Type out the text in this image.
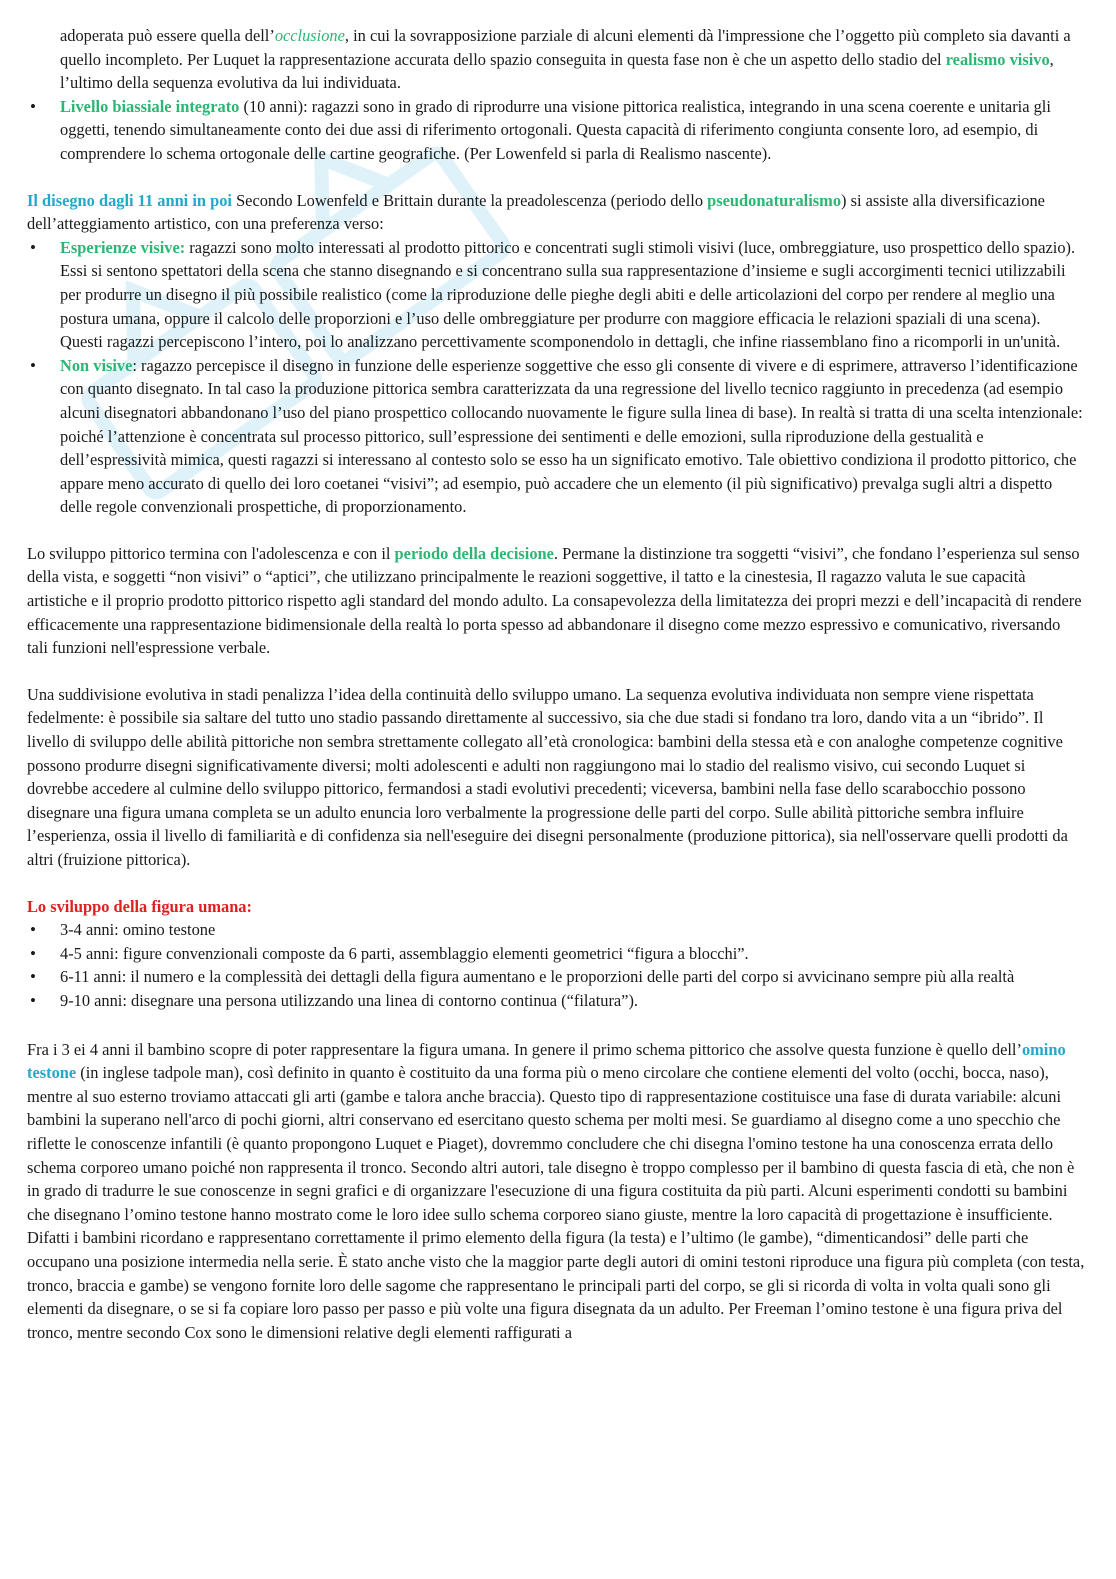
adoperata può essere quella dell’occlusione, in cui la sovrapposizione parziale di alcuni elementi dà l'impressione che l’oggetto più completo sia davanti a quello incompleto. Per Luquet la rappresentazione accurata dello spazio conseguita in questa fase non è che un aspetto dello stadio del realismo visivo, l’ultimo della sequenza evolutiva da lui individuata.

• Livello biassiale integrato (10 anni): ragazzi sono in grado di riprodurre una visione pittorica realistica, integrando in una scena coerente e unitaria gli oggetti, tenendo simultaneamente conto dei due assi di riferimento ortogonali. Questa capacità di riferimento congiunta consente loro, ad esempio, di comprendere lo schema ortogonale delle cartine geografiche. (Per Lowenfeld si parla di Realismo nascente).

Il disegno dagli 11 anni in poi Secondo Lowenfeld e Brittain durante la preadolescenza (periodo dello pseudonaturalismo) si assiste alla diversificazione dell’atteggiamento artistico, con una preferenza verso:

• Esperienze visive: ragazzi sono molto interessati al prodotto pittorico e concentrati sugli stimoli visivi (luce, ombreggiature, uso prospettico dello spazio). Essi si sentono spettatori della scena che stanno disegnando e si concentrano sulla sua rappresentazione d’insieme e sugli accorgimenti tecnici utilizzabili per produrre un disegno il più possibile realistico (come la riproduzione delle pieghe degli abiti e delle articolazioni del corpo per rendere al meglio una postura umana, oppure il calcolo delle proporzioni e l’uso delle ombreggiature per produrre con maggiore efficacia le relazioni spaziali di una scena). Questi ragazzi percepiscono l’intero, poi lo analizzano percettivamente scomponendolo in dettagli, che infine riassemblano fino a ricomporli in un'unità.
• Non visive: ragazzo percepisce il disegno in funzione delle esperienze soggettive che esso gli consente di vivere e di esprimere, attraverso l’identificazione con quanto disegnato. In tal caso la produzione pittorica sembra caratterizzata da una regressione del livello tecnico raggiunto in precedenza (ad esempio alcuni disegnatori abbandonano l’uso del piano prospettico collocando nuovamente le figure sulla linea di base). In realtà si tratta di una scelta intenzionale: poiché l’attenzione è concentrata sul processo pittorico, sull’espressione dei sentimenti e delle emozioni, sulla riproduzione della gestualità e dell’espressività mimica, questi ragazzi si interessano al contesto solo se esso ha un significato emotivo. Tale obiettivo condiziona il prodotto pittorico, che appare meno accurato di quello dei loro coetanei “visivi”; ad esempio, può accadere che un elemento (il più significativo) prevalga sugli altri a dispetto delle regole convenzionali prospettiche, di proporzionamento.

Lo sviluppo pittorico termina con l'adolescenza e con il periodo della decisione. Permane la distinzione tra soggetti “visivi”, che fondano l’esperienza sul senso della vista, e soggetti “non visivi” o “aptici”, che utilizzano principalmente le reazioni soggettive, il tatto e la cinestesia, Il ragazzo valuta le sue capacità artistiche e il proprio prodotto pittorico rispetto agli standard del mondo adulto. La consapevolezza della limitatezza dei propri mezzi e dell’incapacità di rendere efficacemente una rappresentazione bidimensionale della realtà lo porta spesso ad abbandonare il disegno come mezzo espressivo e comunicativo, riversando tali funzioni nell'espressione verbale.

Una suddivisione evolutiva in stadi penalizza l’idea della continuità dello sviluppo umano. La sequenza evolutiva individuata non sempre viene rispettata fedelmente: è possibile sia saltare del tutto uno stadio passando direttamente al successivo, sia che due stadi si fondano tra loro, dando vita a un “ibrido”. Il livello di sviluppo delle abilità pittoriche non sembra strettamente collegato all’età cronologica: bambini della stessa età e con analoghe competenze cognitive possono produrre disegni significativamente diversi; molti adolescenti e adulti non raggiungono mai lo stadio del realismo visivo, cui secondo Luquet si dovrebbe accedere al culmine dello sviluppo pittorico, fermandosi a stadi evolutivi precedenti; viceversa, bambini nella fase dello scarabocchio possono disegnare una figura umana completa se un adulto enuncia loro verbalmente la progressione delle parti del corpo. Sulle abilità pittoriche sembra influire l’esperienza, ossia il livello di familiarità e di confidenza sia nell'eseguire dei disegni personalmente (produzione pittorica), sia nell'osservare quelli prodotti da altri (fruizione pittorica).

Lo sviluppo della figura umana:

• 3-4 anni: omino testone
• 4-5 anni: figure convenzionali composte da 6 parti, assemblaggio elementi geometrici “figura a blocchi”.
• 6-11 anni: il numero e la complessità dei dettagli della figura aumentano e le proporzioni delle parti del corpo si avvicinano sempre più alla realtà
• 9-10 anni: disegnare una persona utilizzando una linea di contorno continua (“filatura”).

Fra i 3 ei 4 anni il bambino scopre di poter rappresentare la figura umana. In genere il primo schema pittorico che assolve questa funzione è quello dell’omino testone (in inglese tadpole man), così definito in quanto è costituito da una forma più o meno circolare che contiene elementi del volto (occhi, bocca, naso), mentre al suo esterno troviamo attaccati gli arti (gambe e talora anche braccia). Questo tipo di rappresentazione costituisce una fase di durata variabile: alcuni bambini la superano nell'arco di pochi giorni, altri conservano ed esercitano questo schema per molti mesi. Se guardiamo al disegno come a uno specchio che riflette le conoscenze infantili (è quanto propongono Luquet e Piaget), dovremmo concludere che chi disegna l'omino testone ha una conoscenza errata dello schema corporeo umano poiché non rappresenta il tronco. Secondo altri autori, tale disegno è troppo complesso per il bambino di questa fascia di età, che non è in grado di tradurre le sue conoscenze in segni grafici e di organizzare l'esecuzione di una figura costituita da più parti. Alcuni esperimenti condotti su bambini che disegnano l’omino testone hanno mostrato come le loro idee sullo schema corporeo siano giuste, mentre la loro capacità di progettazione è insufficiente. Difatti i bambini ricordano e rappresentano correttamente il primo elemento della figura (la testa) e l’ultimo (le gambe), “dimenticandosi” delle parti che occupano una posizione intermedia nella serie. È stato anche visto che la maggior parte degli autori di omini testoni riproduce una figura più completa (con testa, tronco, braccia e gambe) se vengono fornite loro delle sagome che rappresentano le principali parti del corpo, se gli si ricorda di volta in volta quali sono gli elementi da disegnare, o se si fa copiare loro passo per passo e più volte una figura disegnata da un adulto. Per Freeman l’omino testone è una figura priva del tronco, mentre secondo Cox sono le dimensioni relative degli elementi raffigurati a
